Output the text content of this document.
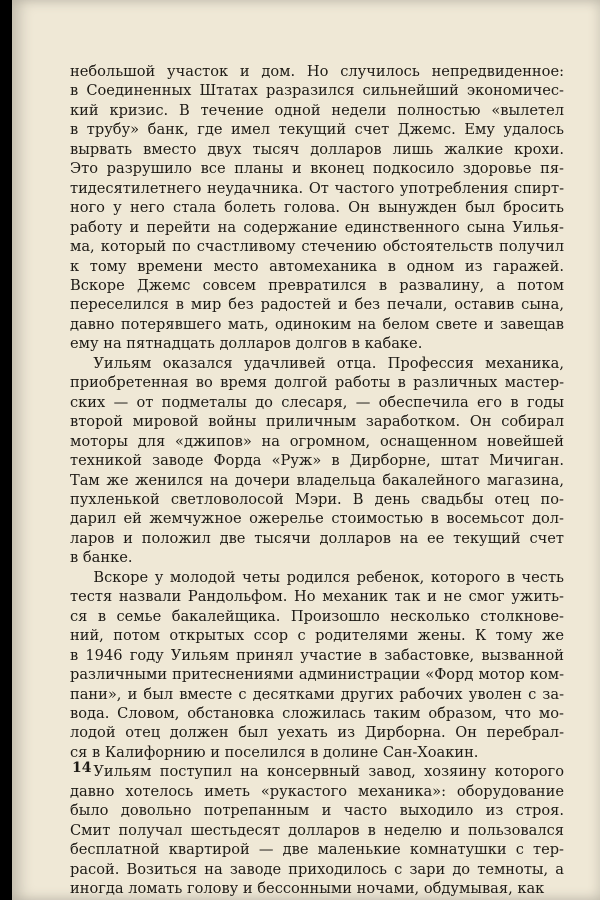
небольшой участок и дом. Но случилось непредвиденное:
в Соединенных Штатах разразился сильнейший экономичес-
кий кризис. В течение одной недели полностью «вылетел
в трубу» банк, где имел текущий счет Джемс. Ему удалось
вырвать вместо двух тысяч долларов лишь жалкие крохи.
Это разрушило все планы и вконец подкосило здоровье пя-
тидесятилетнего неудачника. От частого употребления спирт-
ного у него стала болеть голова. Он вынужден был бросить
работу и перейти на содержание единственного сына Уилья-
ма, который по счастливому стечению обстоятельств получил
к тому времени место автомеханика в одном из гаражей.
Вскоре Джемс совсем превратился в развалину, а потом
переселился в мир без радостей и без печали, оставив сына,
давно потерявшего мать, одиноким на белом свете и завещав
ему на пятнадцать долларов долгов в кабаке.

Уильям оказался удачливей отца. Профессия механика,
приобретенная во время долгой работы в различных мастер-
ских — от подметалы до слесаря, — обеспечила его в годы
второй мировой войны приличным заработком. Он собирал
моторы для «джипов» на огромном, оснащенном новейшей
техникой заводе Форда «Руж» в Дирборне, штат Мичиган.
Там же женился на дочери владельца бакалейного магазина,
пухленькой светловолосой Мэри. В день свадьбы отец по-
дарил ей жемчужное ожерелье стоимостью в восемьсот дол-
ларов и положил две тысячи долларов на ее текущий счет
в банке.

Вскоре у молодой четы родился ребенок, которого в честь
тестя назвали Рандольфом. Но механик так и не смог ужить-
ся в семье бакалейщика. Произошло несколько столкнове-
ний, потом открытых ссор с родителями жены. К тому же
в 1946 году Уильям принял участие в забастовке, вызванной
различными притеснениями администрации «Форд мотор ком-
пани», и был вместе с десятками других рабочих уволен с за-
вода. Словом, обстановка сложилась таким образом, что мо-
лодой отец должен был уехать из Дирборна. Он перебрал-
ся в Калифорнию и поселился в долине Сан-Хоакин.

Уильям поступил на консервный завод, хозяину которого
давно хотелось иметь «рукастого механика»: оборудование
было довольно потрепанным и часто выходило из строя.
Смит получал шестьдесят долларов в неделю и пользовался
бесплатной квартирой — две маленькие комнатушки с тер-
расой. Возиться на заводе приходилось с зари до темноты, а
иногда ломать голову и бессонными ночами, обдумывая, как

14
